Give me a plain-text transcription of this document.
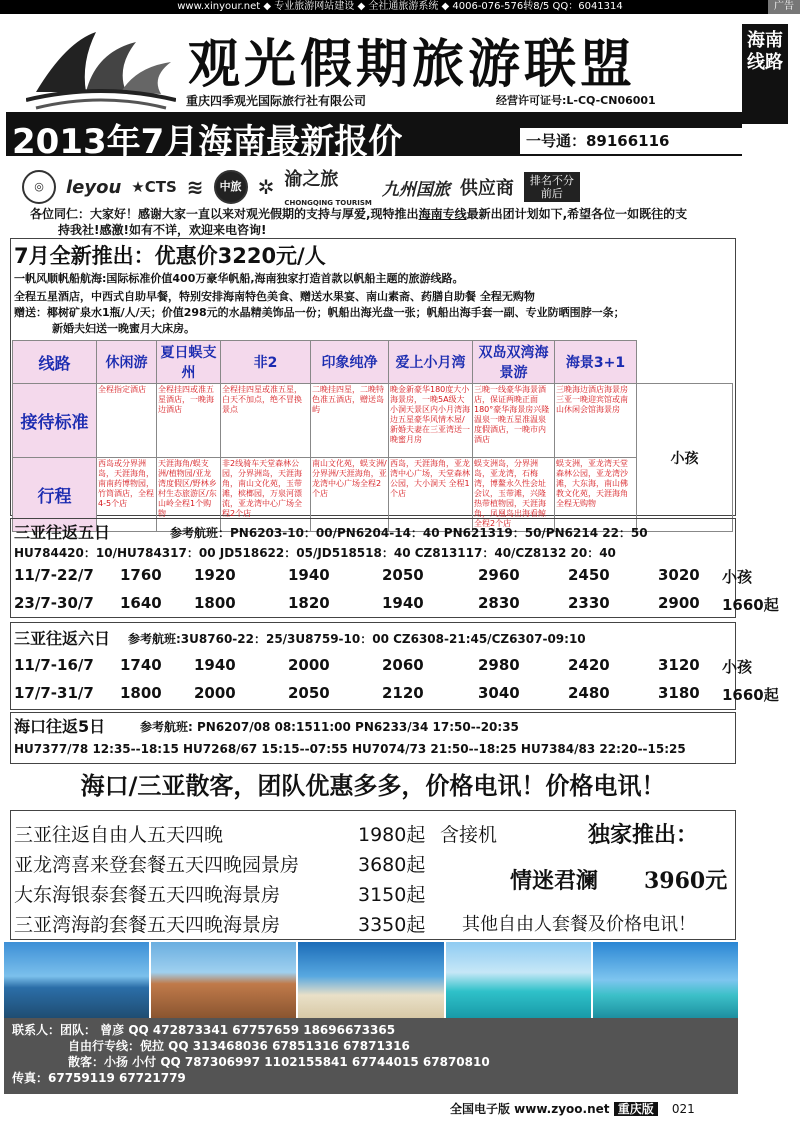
www.xinyour.net ◆ 专业旅游网站建设 ◆ 全社通旅游系统 ◆ 4006-076-576转8/5 QQ：6041314	广告
观光假期旅游联盟
重庆四季观光国际旅行社有限公司	经营许可证号:L-CQ-CN06001
海南线路
2013年7月海南最新报价	一号通：89166116
◎	leyou ★CTS ≋	中旅 ✲ 渝之旅
CHONGQING TOURISM
九州国旅 供应商	排名不分前后
各位同仁：大家好！感谢大家一直以来对观光假期的支持与厚爱,现特推出海南专线最新出团计划如下,希望各位一如既往的支
持我社!感激!如有不详，欢迎来电咨询!
7月全新推出：优惠价3220元/人
一帆风顺帆船航海:国际标准价值400万豪华帆船,海南独家打造首款以帆船主题的旅游线路。
全程五星酒店，中西式自助早餐，特别安排海南特色美食、赠送水果宴、南山素斋、药膳自助餐 全程无购物
赠送：椰树矿泉水1瓶/人/天；价值298元的水晶精美饰品一份；帆船出海光盘一张；帆船出海手套一副、专业防晒围脖一条；
新婚夫妇送一晚蜜月大床房。
线路	休闲游	夏日蜈支州	非2	印象纯净	爱上小月湾	双岛双湾海景游	海景3+1	
接待标准	全程指定酒店	全程挂四或准五星酒店，一晚海边酒店	全程挂四星或准五星，白天不加点，绝不冒换景点	二晚挂四星，二晚特色准五酒店，赠送岛屿	晚金新豪华180度大小海景房，一晚5A级大小洞天景区内小月湾海边五星豪华风情木屋/新婚夫妻在三亚湾送一晚蜜月房	三晚一线豪华海景酒店，保证两晚正面180°豪华海景房兴隆温泉一晚五星准温泉度假酒店，一晚市内酒店	三晚海边酒店海景房三亚一晚迎宾馆或南山休闲会馆海景房	小孩
行程	西岛或分界洲岛，天涯海角，南南药博物园，竹筒酒店，全程4-5个店	天涯海角/蜈支洲/植物园/亚龙湾度假区/野林乡村生态旅游区/东山岭全程1个购物	非2线骑车天堂森林公园，分界洲岛，天涯海角，南山文化苑，玉带滩，槟榔园，万泉河漂流，亚龙湾中心广场全程2个店	南山文化苑，蜈支洲/分界洲/天涯海角，亚龙湾中心广场全程2个店	西岛，天涯海角，亚龙湾中心广场，天堂森林公园，大小洞天 全程1个店	蜈支洲岛，分界洲岛，亚龙湾，石梅湾，博鳌永久性会址会议，玉带滩，兴隆热带植物园，天涯海角，凤凰岛出海看鲸全程2个店	蜈支洲，亚龙湾天堂森林公园，亚龙湾沙滩，大东海，南山佛教文化苑，天涯海角全程无购物	
三亚往返五日	参考航班：PN6203-10：00/PN6204-14：40 PN621319：50/PN6214 22：50
HU784420：10/HU784317：00 JD518622：05/JD518518：40 CZ813117：40/CZ8132 20：40
11/7-22/7	1760	1920	1940	2050	2960	2450	3020	小孩
23/7-30/7	1640	1800	1820	1940	2830	2330	2900	1660起
三亚往返六日 参考航班:3U8760-22：25/3U8759-10：00 CZ6308-21:45/CZ6307-09:10
11/7-16/7	1740	1940	2000	2060	2980	2420	3120	小孩
17/7-31/7	1800	2000	2050	2120	3040	2480	3180	1660起
海口往返5日	参考航班: PN6207/08 08:1511:00 PN6233/34 17:50--20:35
HU7377/78 12:35--18:15 HU7268/67 15:15--07:55 HU7074/73 21:50--18:25 HU7384/83 22:20--15:25
海口/三亚散客，团队优惠多多，价格电讯！价格电讯！
三亚往返自由人五天四晚	1980起
亚龙湾喜来登套餐五天四晚园景房	3680起
大东海银泰套餐五天四晚海景房	3150起
三亚湾海韵套餐五天四晚海景房	3350起
含接机	独家推出：
情迷君澜 3960元
其他自由人套餐及价格电讯！
联系人：团队： 曾彦 QQ 472873341 67757659 18696673365
自由行专线：倪拉 QQ 313468036 67851316 67871316
散客：小扬 小付 QQ 787306997 1102155841 67744015 67870810
传真：67759119 67721779
全国电子版 www.zyoo.net 重庆版 021
